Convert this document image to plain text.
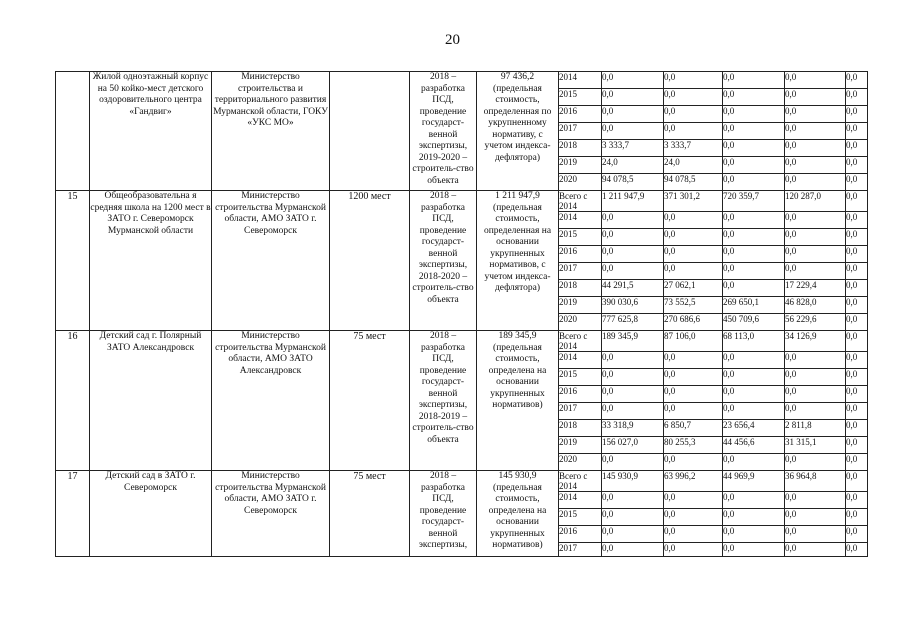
20
	Жилой одноэтажный корпус на 50 койко-мест детского оздоровительного центра «Гандвиг»	Министерство строительства и территориального развития Мурманской области, ГОКУ «УКС МО»		2018 – разработка ПСД, проведение государст-венной экспертизы, 2019-2020 – строитель-ство объекта	97 436,2 (предельная стоимость, определенная по укрупненному нормативу, с учетом индекса-дефлятора)	2014	0,0	0,0	0,0	0,0	0,0
						2015	0,0	0,0	0,0	0,0	0,0
						2016	0,0	0,0	0,0	0,0	0,0
						2017	0,0	0,0	0,0	0,0	0,0
						2018	3 333,7	3 333,7	0,0	0,0	0,0
						2019	24,0	24,0	0,0	0,0	0,0
						2020	94 078,5	94 078,5	0,0	0,0	0,0
15	Общеобразовательна я средняя школа на 1200 мест в ЗАТО г. Североморск Мурманской области	Министерство строительства Мурманской области, АМО ЗАТО г. Североморск	1200 мест	2018 – разработка ПСД, проведение государст-венной экспертизы, 2018-2020 – строитель-ство объекта	1 211 947,9 (предельная стоимость, определенная на основании укрупненных нормативов, с учетом индекса-дефлятора)	Всего с 2014	1 211 947,9	371 301,2	720 359,7	120 287,0	0,0
						2014	0,0	0,0	0,0	0,0	0,0
						2015	0,0	0,0	0,0	0,0	0,0
						2016	0,0	0,0	0,0	0,0	0,0
						2017	0,0	0,0	0,0	0,0	0,0
						2018	44 291,5	27 062,1	0,0	17 229,4	0,0
						2019	390 030,6	73 552,5	269 650,1	46 828,0	0,0
						2020	777 625,8	270 686,6	450 709,6	56 229,6	0,0
16	Детский сад г. Полярный ЗАТО Александровск	Министерство строительства Мурманской области, АМО ЗАТО Александровск	75 мест	2018 – разработка ПСД, проведение государст-венной экспертизы, 2018-2019 – строитель-ство объекта	189 345,9 (предельная стоимость, определена на основании укрупненных нормативов)	Всего с 2014	189 345,9	87 106,0	68 113,0	34 126,9	0,0
						2014	0,0	0,0	0,0	0,0	0,0
						2015	0,0	0,0	0,0	0,0	0,0
						2016	0,0	0,0	0,0	0,0	0,0
						2017	0,0	0,0	0,0	0,0	0,0
						2018	33 318,9	6 850,7	23 656,4	2 811,8	0,0
						2019	156 027,0	80 255,3	44 456,6	31 315,1	0,0
						2020	0,0	0,0	0,0	0,0	0,0
17	Детский сад в ЗАТО г. Североморск	Министерство строительства Мурманской области, АМО ЗАТО г. Североморск	75 мест	2018 – разработка ПСД, проведение государст-венной экспертизы,	145 930,9 (предельная стоимость, определена на основании укрупненных нормативов)	Всего с 2014	145 930,9	63 996,2	44 969,9	36 964,8	0,0
						2014	0,0	0,0	0,0	0,0	0,0
						2015	0,0	0,0	0,0	0,0	0,0
						2016	0,0	0,0	0,0	0,0	0,0
						2017	0,0	0,0	0,0	0,0	0,0
